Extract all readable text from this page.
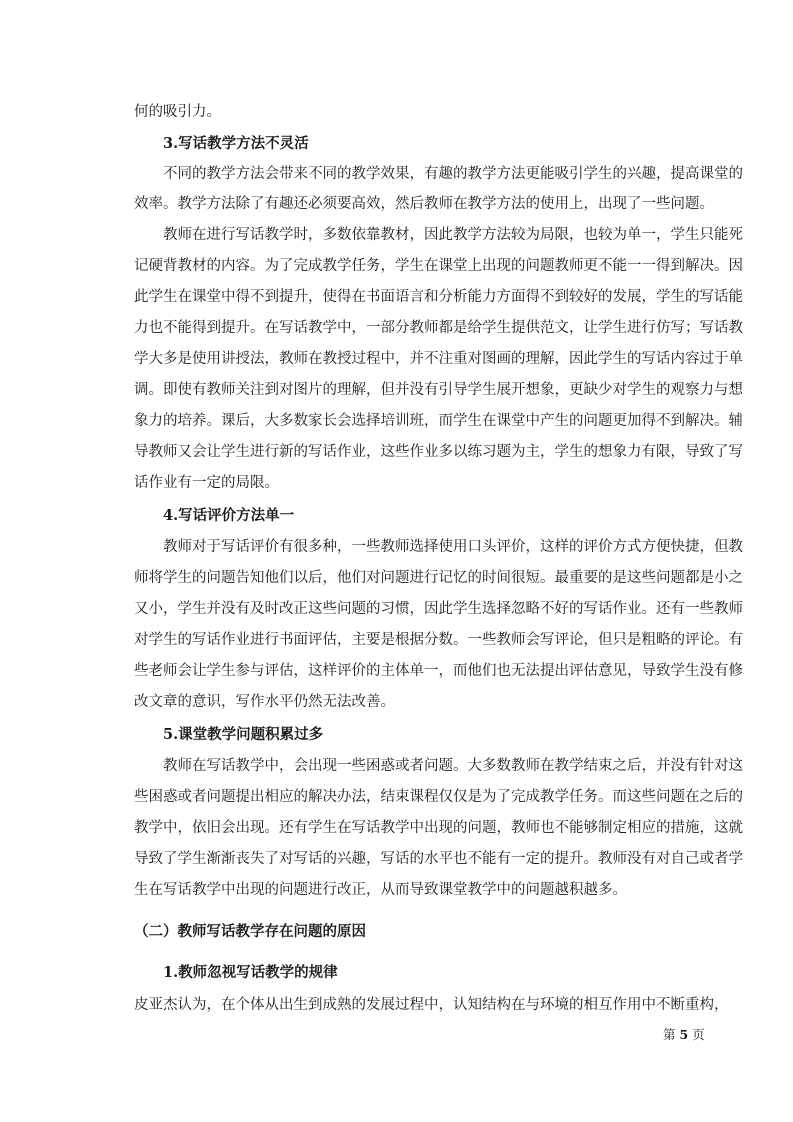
何的吸引力。
3.写话教学方法不灵活
不同的教学方法会带来不同的教学效果，有趣的教学方法更能吸引学生的兴趣，提高课堂的
效率。教学方法除了有趣还必须要高效，然后教师在教学方法的使用上，出现了一些问题。
教师在进行写话教学时，多数依靠教材，因此教学方法较为局限，也较为单一，学生只能死
记硬背教材的内容。为了完成教学任务，学生在课堂上出现的问题教师更不能一一得到解决。因
此学生在课堂中得不到提升，使得在书面语言和分析能力方面得不到较好的发展，学生的写话能
力也不能得到提升。在写话教学中，一部分教师都是给学生提供范文，让学生进行仿写；写话教
学大多是使用讲授法，教师在教授过程中，并不注重对图画的理解，因此学生的写话内容过于单
调。即使有教师关注到对图片的理解，但并没有引导学生展开想象，更缺少对学生的观察力与想
象力的培养。课后，大多数家长会选择培训班，而学生在课堂中产生的问题更加得不到解决。辅
导教师又会让学生进行新的写话作业，这些作业多以练习题为主，学生的想象力有限，导致了写
话作业有一定的局限。
4.写话评价方法单一
教师对于写话评价有很多种，一些教师选择使用口头评价，这样的评价方式方便快捷，但教
师将学生的问题告知他们以后，他们对问题进行记忆的时间很短。最重要的是这些问题都是小之
又小，学生并没有及时改正这些问题的习惯，因此学生选择忽略不好的写话作业。还有一些教师
对学生的写话作业进行书面评估，主要是根据分数。一些教师会写评论，但只是粗略的评论。有
些老师会让学生参与评估，这样评价的主体单一，而他们也无法提出评估意见，导致学生没有修
改文章的意识，写作水平仍然无法改善。
5.课堂教学问题积累过多
教师在写话教学中，会出现一些困惑或者问题。大多数教师在教学结束之后，并没有针对这
些困惑或者问题提出相应的解决办法，结束课程仅仅是为了完成教学任务。而这些问题在之后的
教学中，依旧会出现。还有学生在写话教学中出现的问题，教师也不能够制定相应的措施，这就
导致了学生渐渐丧失了对写话的兴趣，写话的水平也不能有一定的提升。教师没有对自己或者学
生在写话教学中出现的问题进行改正，从而导致课堂教学中的问题越积越多。
（二）教师写话教学存在问题的原因
1.教师忽视写话教学的规律
皮亚杰认为，在个体从出生到成熟的发展过程中，认知结构在与环境的相互作用中不断重构，
第 5 页
